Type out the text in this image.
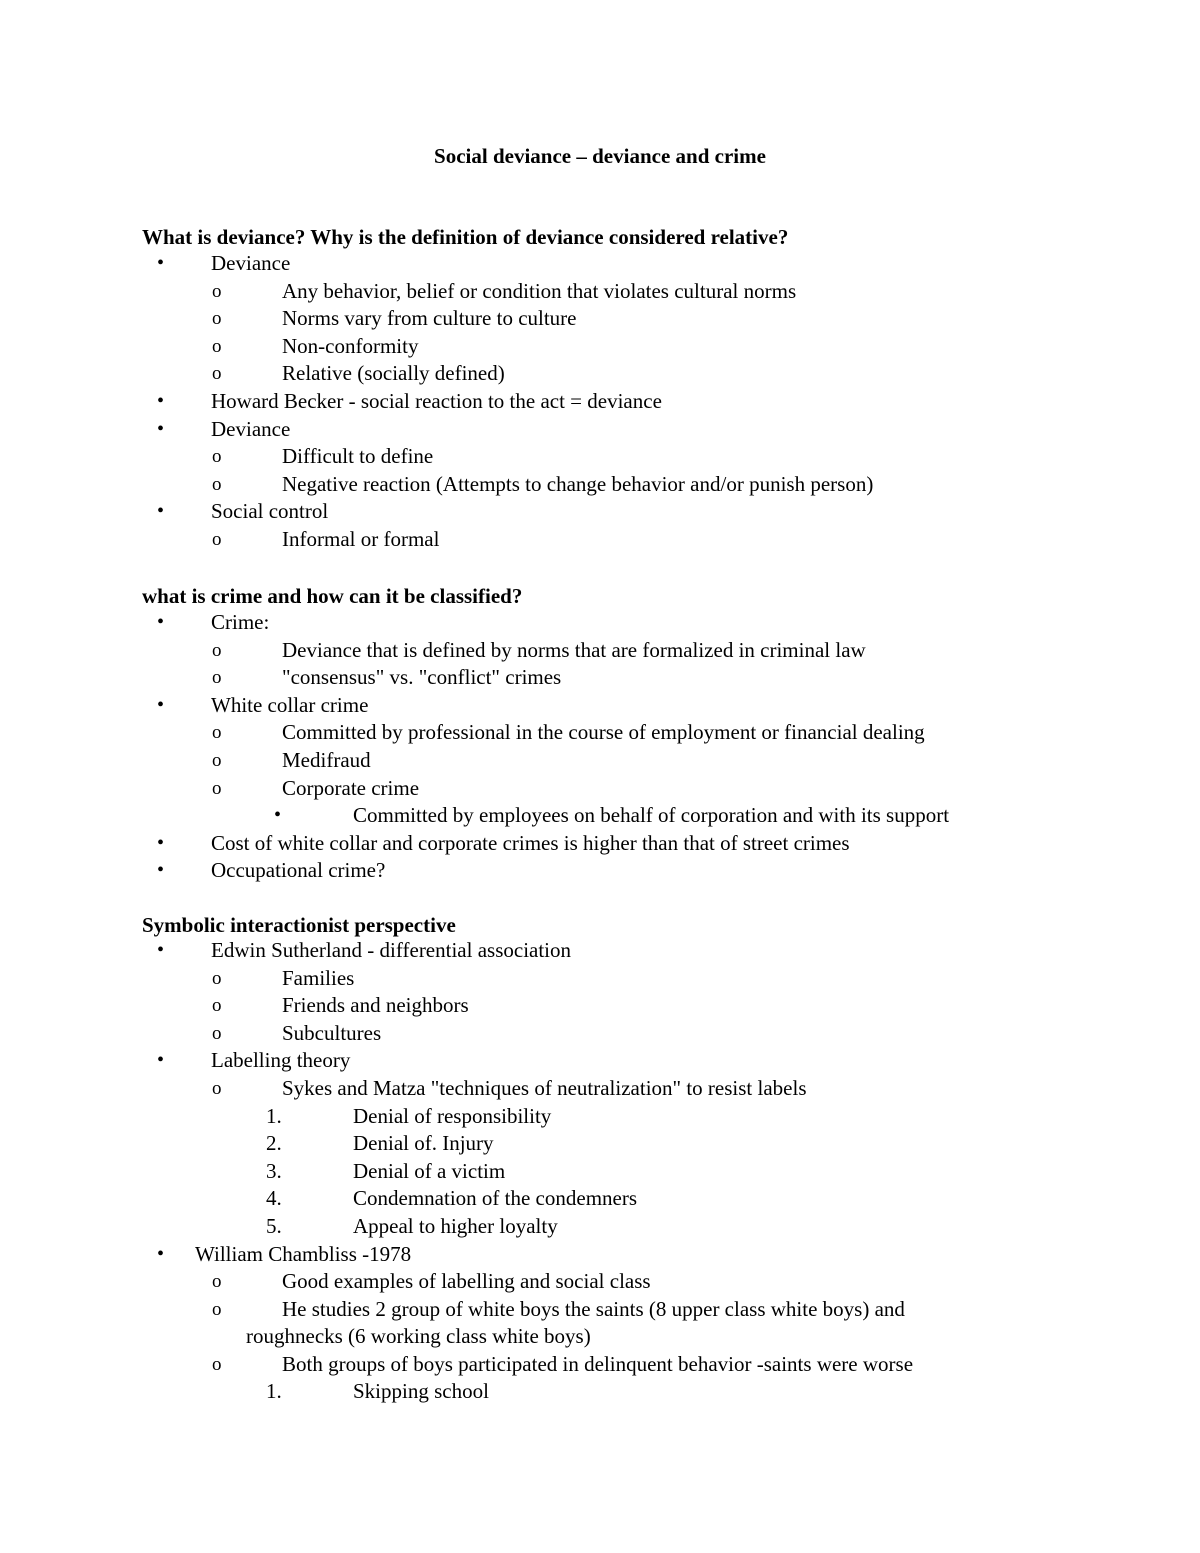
Social deviance – deviance and crime
What is deviance? Why is the definition of deviance considered relative?
• Deviance
o	Any behavior, belief or condition that violates cultural norms
o	Norms vary from culture to culture
o	Non-conformity
o	Relative (socially defined)
• Howard Becker - social reaction to the act = deviance
• Deviance
o	Difficult to define
o	Negative reaction (Attempts to change behavior and/or punish person)
• Social control
o	Informal or formal
what is crime and how can it be classified?
• Crime:
o	Deviance that is defined by norms that are formalized in criminal law
o	"consensus" vs. "conflict" crimes
• White collar crime
o	Committed by professional in the course of employment or financial dealing
o	Medifraud
o	Corporate crime
•	Committed by employees on behalf of corporation and with its support
• Cost of white collar and corporate crimes is higher than that of street crimes
• Occupational crime?
Symbolic interactionist perspective
• Edwin Sutherland - differential association
o	Families
o	Friends and neighbors
o	Subcultures
• Labelling theory
o	Sykes and Matza "techniques of neutralization" to resist labels
1.	Denial of responsibility
2.	Denial of. Injury
3.	Denial of a victim
4.	Condemnation of the condemners
5.	Appeal to higher loyalty
• William Chambliss -1978
o	Good examples of labelling and social class
o	He studies 2 group of white boys the saints (8 upper class white boys) and
roughnecks (6 working class white boys)
o	Both groups of boys participated in delinquent behavior -saints were worse
1.	Skipping school
